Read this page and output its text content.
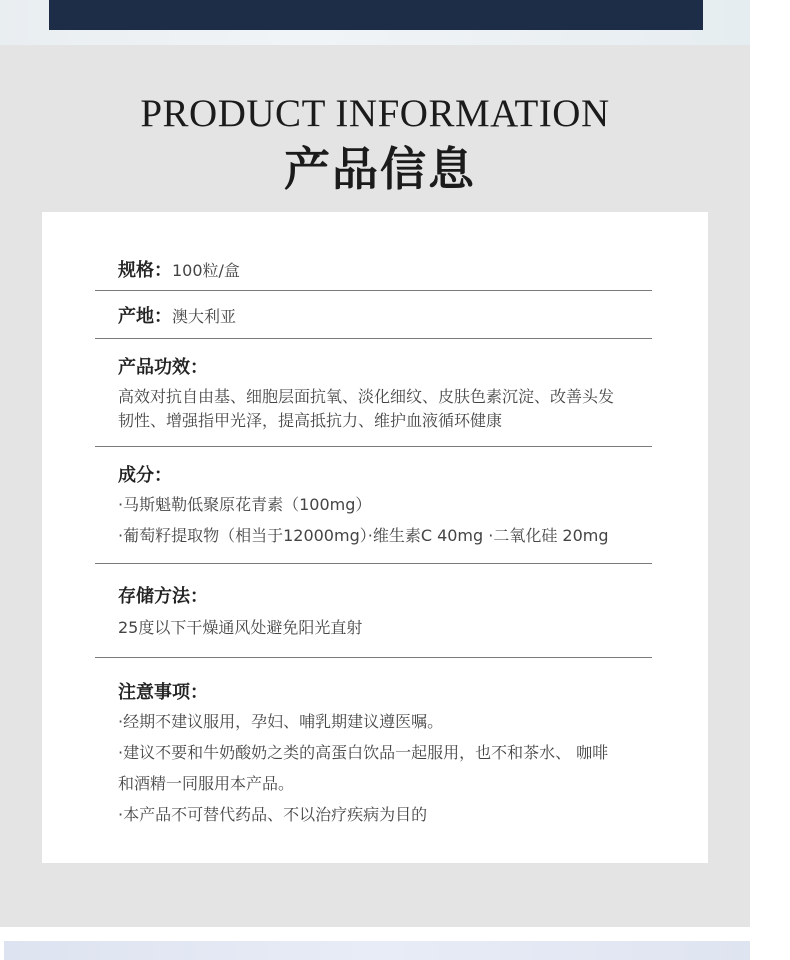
PRODUCT INFORMATION
产品信息
规格：100粒/盒
产地：澳大利亚
产品功效：
高效对抗自由基、细胞层面抗氧、淡化细纹、皮肤色素沉淀、改善头发
韧性、增强指甲光泽，提高抵抗力、维护血液循环健康
成分：
·马斯魁勒低聚原花青素（100mg）
·葡萄籽提取物（相当于12000mg）·维生素C 40mg ·二氧化硅 20mg
存储方法：
25度以下干燥通风处避免阳光直射
注意事项：
·经期不建议服用，孕妇、哺乳期建议遵医嘱。
·建议不要和牛奶酸奶之类的高蛋白饮品一起服用，也不和茶水、 咖啡
和酒精一同服用本产品。
·本产品不可替代药品、不以治疗疾病为目的
